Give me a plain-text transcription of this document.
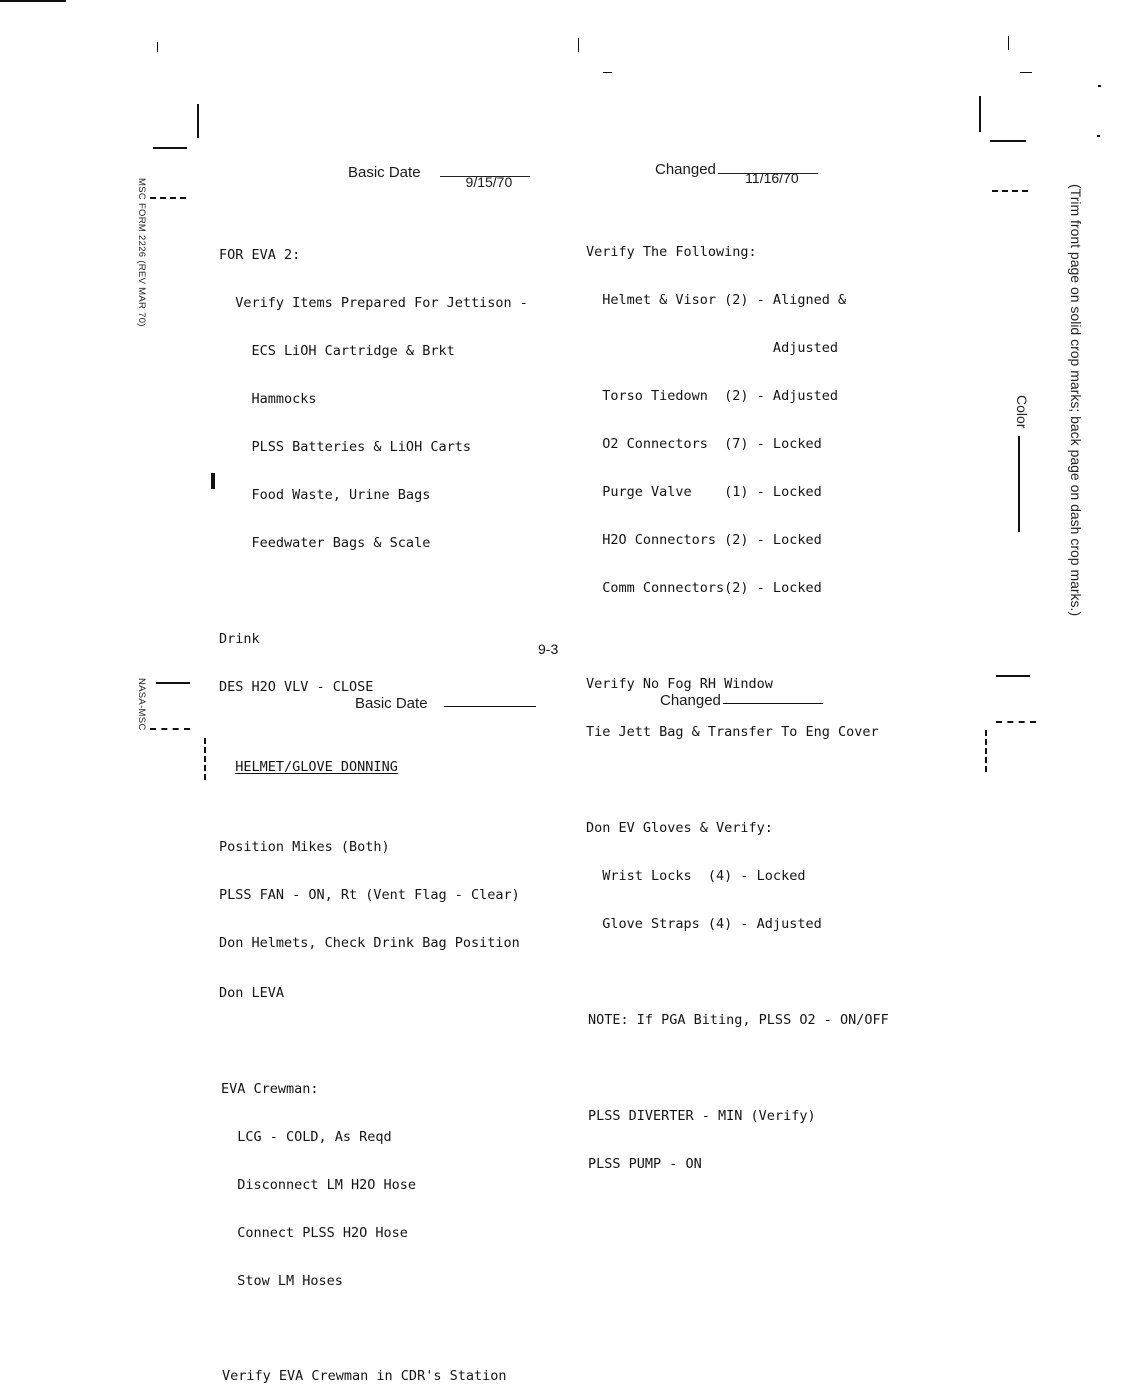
MSC FORM 2226 (REV MAR 70)
NASA-MSC
(Trim front page on solid crop marks; back page on dash crop marks.)
Color
Basic Date

9/15/70

Changed	11/16/70

FOR EVA 2:

Verify Items Prepared For Jettison -

ECS LiOH Cartridge & Brkt

Hammocks

PLSS Batteries & LiOH Carts

Food Waste, Urine Bags

Feedwater Bags & Scale

Drink

DES H2O VLV - CLOSE

HELMET/GLOVE DONNING

Position Mikes (Both)

PLSS FAN - ON, Rt (Vent Flag - Clear)

Don Helmets, Check Drink Bag Position

Don LEVA

EVA Crewman:

LCG - COLD, As Reqd

Disconnect LM H2O Hose

Connect PLSS H2O Hose

Stow LM Hoses

Verify EVA Crewman in CDR's Station

Verify The Following:

Helmet & Visor (2) - Aligned &

Adjusted

Torso Tiedown  (2) - Adjusted

O2 Connectors  (7) - Locked

Purge Valve    (1) - Locked

H2O Connectors (2) - Locked

Comm Connectors(2) - Locked

Verify No Fog RH Window

Tie Jett Bag & Transfer To Eng Cover

Don EV Gloves & Verify:

Wrist Locks  (4) - Locked

Glove Straps (4) - Adjusted

NOTE: If PGA Biting, PLSS O2 - ON/OFF

PLSS DIVERTER - MIN (Verify)

PLSS PUMP - ON

9-3
Basic Date	Changed
